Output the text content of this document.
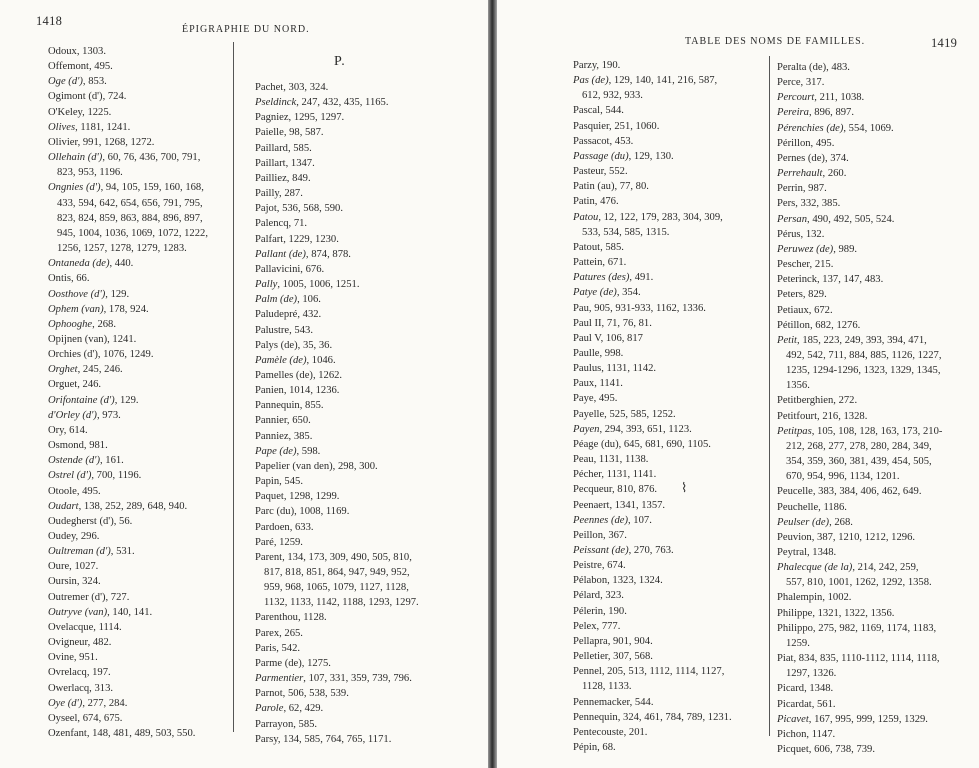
1418
ÉPIGRAPHIE DU NORD.
Odoux, 1303.
Offemont, 495.
Oge (d'), 853.
Ogimont (d'), 724.
O'Keley, 1225.
Olives, 1181, 1241.
Olivier, 991, 1268, 1272.
Ollehain (d'), 60, 76, 436, 700, 791,
823, 953, 1196.
Ongnies (d'), 94, 105, 159, 160, 168,
433, 594, 642, 654, 656, 791, 795,
823, 824, 859, 863, 884, 896, 897,
945, 1004, 1036, 1069, 1072, 1222,
1256, 1257, 1278, 1279, 1283.
Ontaneda (de), 440.
Ontis, 66.
Oosthove (d'), 129.
Ophem (van), 178, 924.
Ophooghe, 268.
Opijnen (van), 1241.
Orchies (d'), 1076, 1249.
Orghet, 245, 246.
Orguet, 246.
Orifontaine (d'), 129.
d'Orley (d'), 973.
Ory, 614.
Osmond, 981.
Ostende (d'), 161.
Ostrel (d'), 700, 1196.
Otoole, 495.
Oudart, 138, 252, 289, 648, 940.
Oudegherst (d'), 56.
Oudey, 296.
Oultreman (d'), 531.
Oure, 1027.
Oursin, 324.
Outremer (d'), 727.
Outryve (van), 140, 141.
Ovelacque, 1114.
Ovigneur, 482.
Ovine, 951.
Ovrelacq, 197.
Owerlacq, 313.
Oye (d'), 277, 284.
Oyseel, 674, 675.
Ozenfant, 148, 481, 489, 503, 550.
P.
Pachet, 303, 324.
Pseldinck, 247, 432, 435, 1165.
Pagniez, 1295, 1297.
Paielle, 98, 587.
Paillard, 585.
Paillart, 1347.
Pailliez, 849.
Pailly, 287.
Pajot, 536, 568, 590.
Palencq, 71.
Palfart, 1229, 1230.
Pallant (de), 874, 878.
Pallavicini, 676.
Pally, 1005, 1006, 1251.
Palm (de), 106.
Paludepré, 432.
Palustre, 543.
Palys (de), 35, 36.
Pamèle (de), 1046.
Pamelles (de), 1262.
Panien, 1014, 1236.
Pannequin, 855.
Pannier, 650.
Panniez, 385.
Pape (de), 598.
Papelier (van den), 298, 300.
Papin, 545.
Paquet, 1298, 1299.
Parc (du), 1008, 1169.
Pardoen, 633.
Paré, 1259.
Parent, 134, 173, 309, 490, 505, 810,
817, 818, 851, 864, 947, 949, 952,
959, 968, 1065, 1079, 1127, 1128,
1132, 1133, 1142, 1188, 1293, 1297.
Parenthou, 1128.
Parex, 265.
Paris, 542.
Parme (de), 1275.
Parmentier, 107, 331, 359, 739, 796.
Parnot, 506, 538, 539.
Parole, 62, 429.
Parrayon, 585.
Parsy, 134, 585, 764, 765, 1171.
TABLE DES NOMS DE FAMILLES.	1419
Parzy, 190.
Pas (de), 129, 140, 141, 216, 587,
612, 932, 933.
Pascal, 544.
Pasquier, 251, 1060.
Passacot, 453.
Passage (du), 129, 130.
Pasteur, 552.
Patin (au), 77, 80.
Patin, 476.
Patou, 12, 122, 179, 283, 304, 309,
533, 534, 585, 1315.
Patout, 585.
Pattein, 671.
Patures (des), 491.
Patye (de), 354.
Pau, 905, 931-933, 1162, 1336.
Paul II, 71, 76, 81.
Paul V, 106, 817
Paulle, 998.
Paulus, 1131, 1142.
Paux, 1141.
Paye, 495.
Payelle, 525, 585, 1252.
Payen, 294, 393, 651, 1123.
Péage (du), 645, 681, 690, 1105.
Peau, 1131, 1138.
Pécher, 1131, 1141.
Pecqueur, 810, 876.
Peenaert, 1341, 1357.
Peennes (de), 107.
Peillon, 367.
Peissant (de), 270, 763.
Peistre, 674.
Pélabon, 1323, 1324.
Pélard, 323.
Pélerin, 190.
Pelex, 777.
Pellapra, 901, 904.
Pelletier, 307, 568.
Pennel, 205, 513, 1112, 1114, 1127,
1128, 1133.
Pennemacker, 544.
Pennequin, 324, 461, 784, 789, 1231.
Pentecouste, 201.
Pépin, 68.
Peralta (de), 483.
Perce, 317.
Percourt, 211, 1038.
Pereira, 896, 897.
Pérenchies (de), 554, 1069.
Périllon, 495.
Pernes (de), 374.
Perrehault, 260.
Perrin, 987.
Pers, 332, 385.
Persan, 490, 492, 505, 524.
Pérus, 132.
Peruwez (de), 989.
Pescher, 215.
Peterinck, 137, 147, 483.
Peters, 829.
Petiaux, 672.
Pétillon, 682, 1276.
Petit, 185, 223, 249, 393, 394, 471,
492, 542, 711, 884, 885, 1126, 1227,
1235, 1294-1296, 1323, 1329, 1345,
1356.
Petitberghien, 272.
Petitfourt, 216, 1328.
Petitpas, 105, 108, 128, 163, 173, 210-
212, 268, 277, 278, 280, 284, 349,
354, 359, 360, 381, 439, 454, 505,
670, 954, 996, 1134, 1201.
Peucelle, 383, 384, 406, 462, 649.
Peuchelle, 1186.
Peulser (de), 268.
Peuvion, 387, 1210, 1212, 1296.
Peytral, 1348.
Phalecque (de la), 214, 242, 259,
557, 810, 1001, 1262, 1292, 1358.
Phalempin, 1002.
Philippe, 1321, 1322, 1356.
Philippo, 275, 982, 1169, 1174, 1183,
1259.
Piat, 834, 835, 1110-1112, 1114, 1118,
1297, 1326.
Picard, 1348.
Picardat, 561.
Picavet, 167, 995, 999, 1259, 1329.
Pichon, 1147.
Picquet, 606, 738, 739.
⌇
